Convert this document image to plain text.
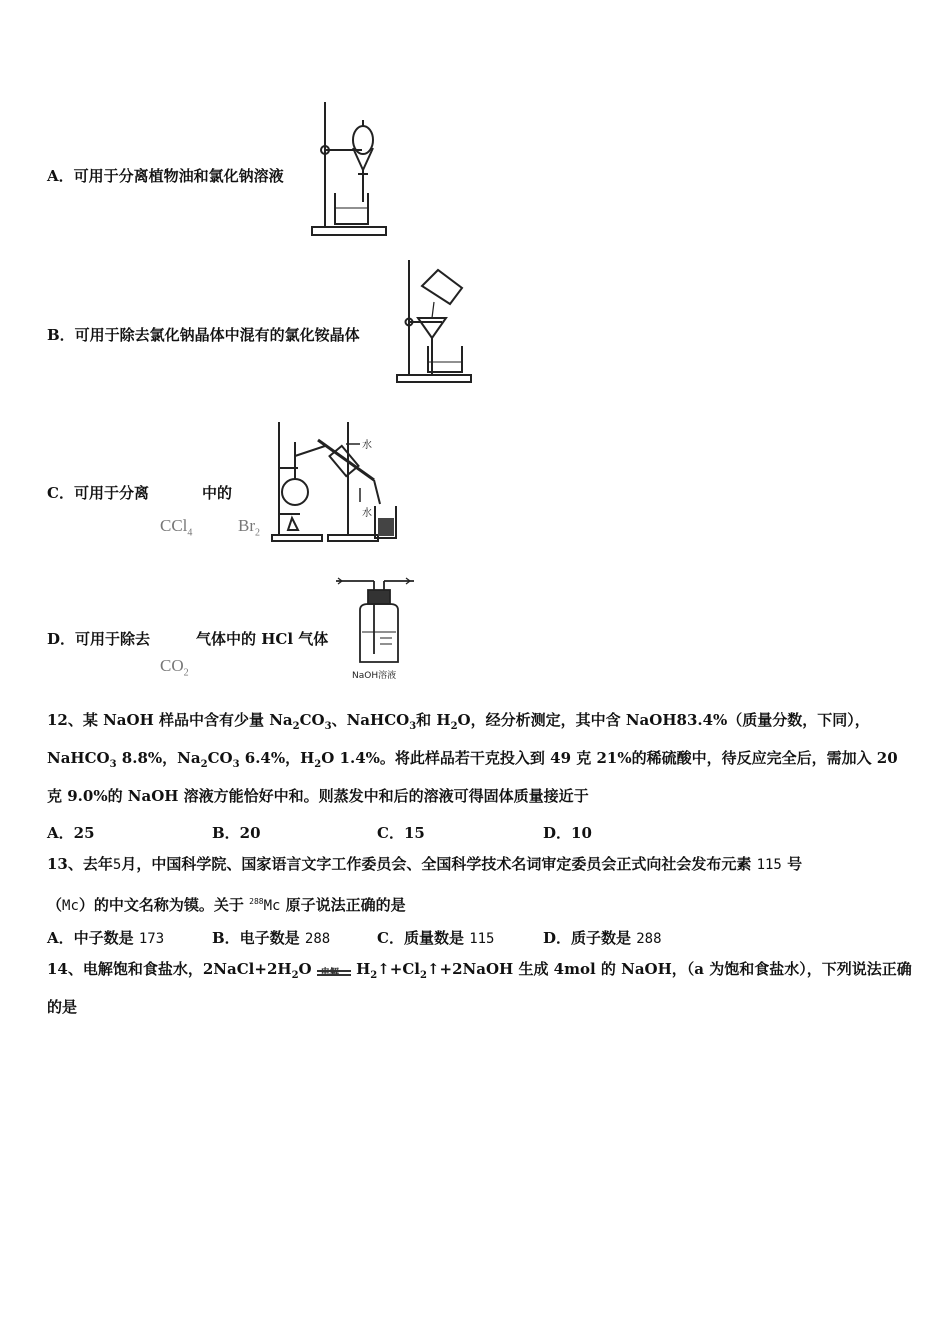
A．可用于分离植物油和氯化钠溶液
B．可用于除去氯化钠晶体中混有的氯化铵晶体
C．可用于分离	中的
CCl$_4$	$Br_2$
水
水
D．可用于除去	气体中的 HCl 气体
$CO_2$	NaOH溶液
12、某 NaOH 样品中含有少量 $Na_2CO_3$、NaHCO$_3$和 $H_2O$，经分析测定，其中含 NaOH83.4%（质量分数，下同），
NaHCO$_3$ 8.8%，$Na_2CO_3$ 6.4%，$H_2O$ 1.4%。将此样品若干克投入到 49 克 21%的稀硫酸中，待反应完全后，需加入 20
克 9.0%的 NaOH 溶液方能恰好中和。则蒸发中和后的溶液可得固体质量接近于
A．25	B．20	C．15	D．10
13、去年5月，中国科学院、国家语言文字工作委员会、全国科学技术名词审定委员会正式向社会发布元素 115 号
（Mc）的中文名称为镆。关于 $^{288}$Mc 原子说法正确的是
A．中子数是 173	B．电子数是 288	C．质量数是 115	D．质子数是 288
14、电解饱和食盐水，$2NaCl+2H_2O$ 电解 $H_2↑+Cl_2↑+2NaOH$ 生成 4mol 的 NaOH，（a 为饱和食盐水），下列说法正确
的是
